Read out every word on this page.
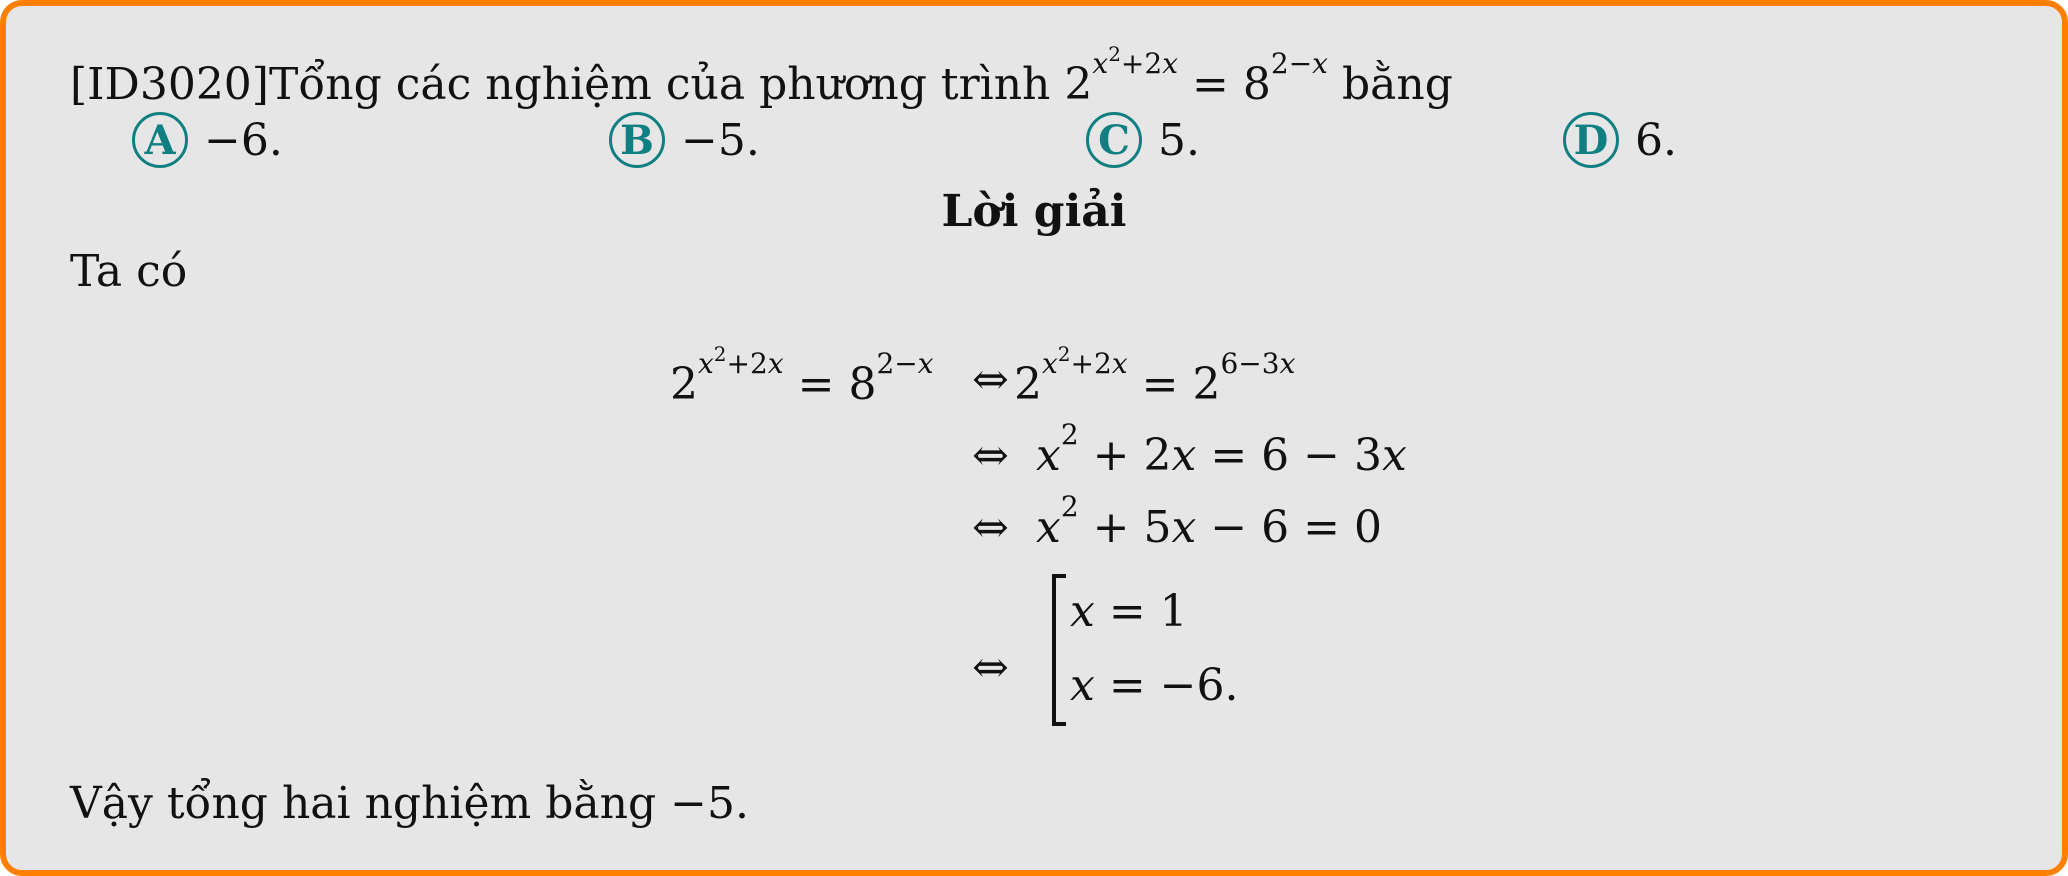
[ID3020]Tổng các nghiệm của phương trình $2^{x^2+2x} = 8^{2-x}$ bằng
A −6.	B −5.	C 5.	D 6.
Lời giải
Ta có
$2^{x^2+2x} = 8^{2-x}$ ⇔ $2^{x^2+2x} = 2^{6-3x}$
⇔ $x^2 + 2x = 6 - 3x$
⇔ $x^2 + 5x - 6 = 0$
⇔
x = 1
x = −6.
Vậy tổng hai nghiệm bằng −5.
